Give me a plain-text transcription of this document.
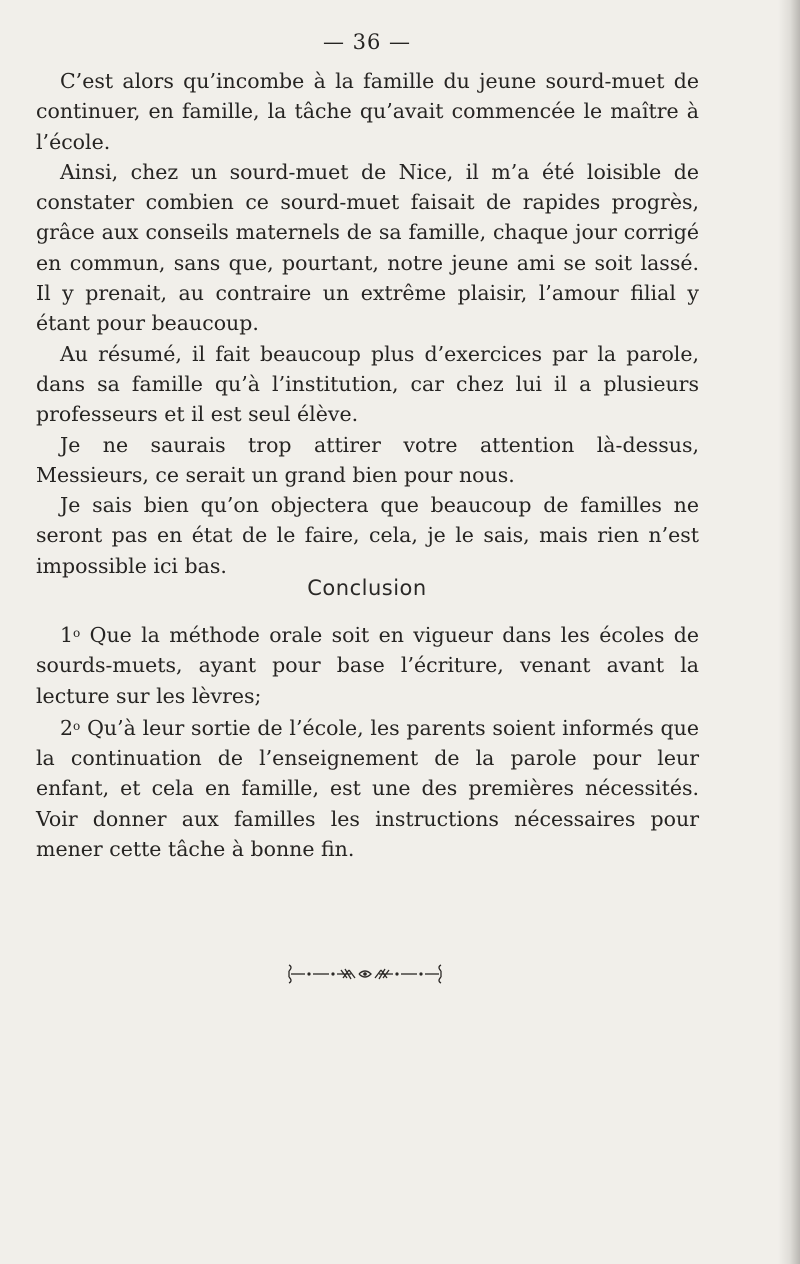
— 36 —

C’est alors qu’incombe à la famille du jeune sourd-muet de continuer, en famille, la tâche qu’avait commencée le maître à l’école.

Ainsi, chez un sourd-muet de Nice, il m’a été loisible de constater combien ce sourd-muet faisait de rapides progrès, grâce aux conseils maternels de sa famille, chaque jour corrigé en commun, sans que, pourtant, notre jeune ami se soit lassé. Il y prenait, au contraire un extrême plaisir, l’amour filial y étant pour beaucoup.

Au résumé, il fait beaucoup plus d’exercices par la parole, dans sa famille qu’à l’institution, car chez lui il a plusieurs professeurs et il est seul élève.

Je ne saurais trop attirer votre attention là-dessus, Messieurs, ce serait un grand bien pour nous.

Je sais bien qu’on objectera que beaucoup de familles ne seront pas en état de le faire, cela, je le sais, mais rien n’est impossible ici bas.

Conclusion

1$^o$ Que la méthode orale soit en vigueur dans les écoles de sourds-muets, ayant pour base l’écriture, venant avant la lecture sur les lèvres;

2$^o$ Qu’à leur sortie de l’école, les parents soient informés que la continuation de l’enseignement de la parole pour leur enfant, et cela en famille, est une des premières nécessités. Voir donner aux familles les instructions nécessaires pour mener cette tâche à bonne fin.
